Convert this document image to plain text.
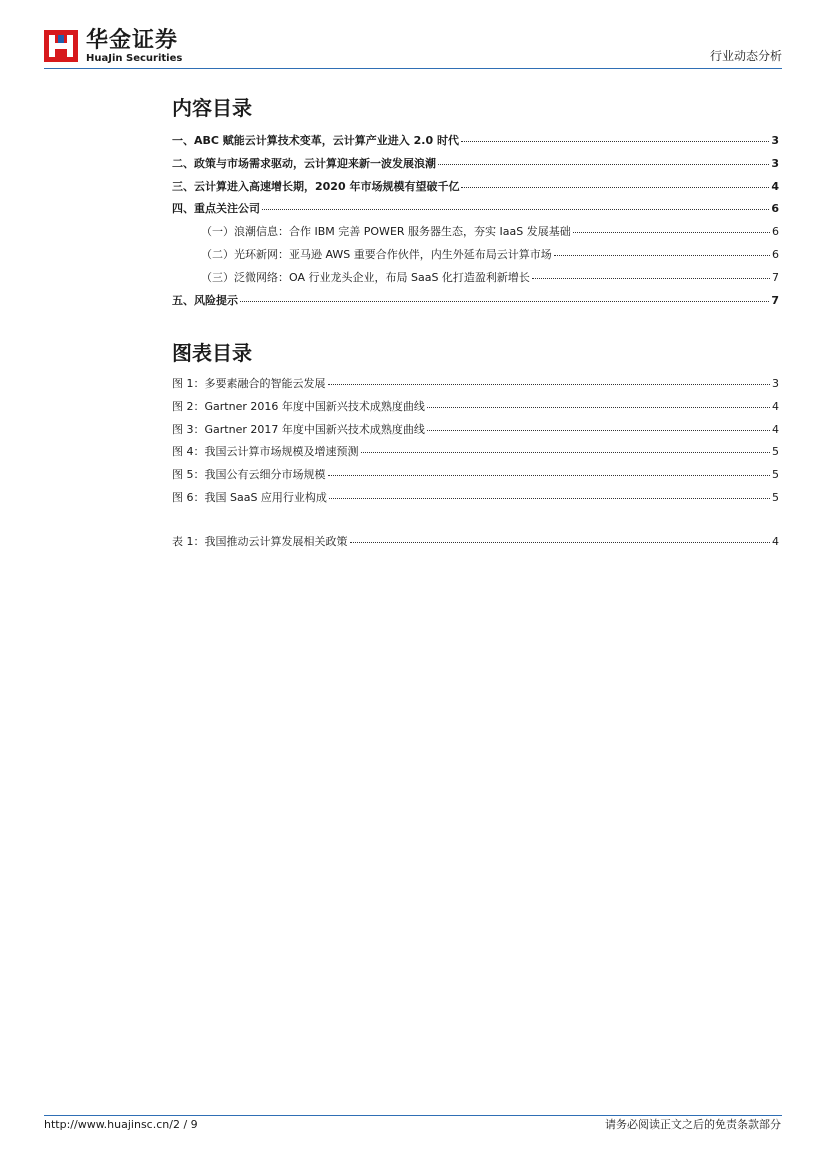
华金证券
HuaJin Securities	行业动态分析
内容目录
一、ABC 赋能云计算技术变革，云计算产业进入 2.0 时代	3
二、政策与市场需求驱动，云计算迎来新一波发展浪潮	3
三、云计算进入高速增长期，2020 年市场规模有望破千亿	4
四、重点关注公司	6
（一）浪潮信息：合作 IBM 完善 POWER 服务器生态，夯实 IaaS 发展基础	6
（二）光环新网：亚马逊 AWS 重要合作伙伴，内生外延布局云计算市场	6
（三）泛微网络：OA 行业龙头企业，布局 SaaS 化打造盈利新增长	7
五、风险提示	7
图表目录
图 1：多要素融合的智能云发展	3
图 2：Gartner 2016 年度中国新兴技术成熟度曲线	4
图 3：Gartner 2017 年度中国新兴技术成熟度曲线	4
图 4：我国云计算市场规模及增速预测	5
图 5：我国公有云细分市场规模	5
图 6：我国 SaaS 应用行业构成	5
表 1：我国推动云计算发展相关政策	4
http://www.huajinsc.cn/2 / 9	请务必阅读正文之后的免责条款部分
